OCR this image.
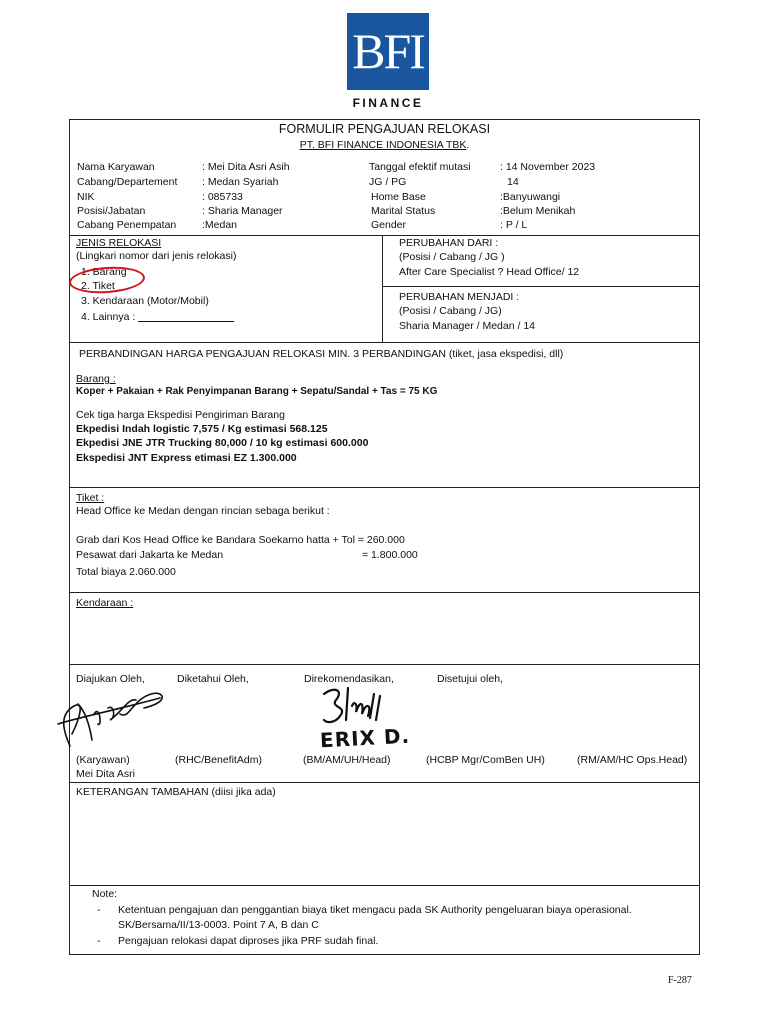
BFI
FINANCE
FORMULIR PENGAJUAN RELOKASI
PT. BFI FINANCE INDONESIA TBK.
Nama Karyawan	: Mei Dita Asri Asih
Cabang/Departement : Medan Syariah
NIK	: 085733
Posisi/Jabatan	: Sharia Manager
Cabang Penempatan :Medan
Tanggal efektif mutasi	: 14 November 2023
JG / PG	14
Home Base	:Banyuwangi
Marital Status	:Belum Menikah
Gender	: P / L
JENIS RELOKASI
(Lingkari nomor dari jenis relokasi)
1. Barang
2. Tiket
3. Kendaraan (Motor/Mobil)
4. Lainnya :
PERUBAHAN DARI :
(Posisi / Cabang / JG )
After Care Specialist ? Head Office/ 12
PERUBAHAN MENJADI :
(Posisi / Cabang / JG)
Sharia Manager / Medan / 14
PERBANDINGAN HARGA PENGAJUAN RELOKASI MIN. 3 PERBANDINGAN (tiket, jasa ekspedisi, dll)
Barang :
Koper + Pakaian + Rak Penyimpanan Barang + Sepatu/Sandal + Tas = 75 KG
Cek tiga harga Ekspedisi Pengiriman Barang
Ekpedisi Indah logistic 7,575 / Kg estimasi 568.125
Ekpedisi JNE JTR Trucking 80,000 / 10 kg estimasi 600.000
Ekspedisi JNT Express etimasi EZ 1.300.000
Tiket :
Head Office ke Medan dengan rincian sebaga berikut :
Grab dari Kos Head Office ke Bandara Soekarno hatta + Tol = 260.000
Pesawat dari Jakarta ke Medan	= 1.800.000
Total biaya 2.060.000
Kendaraan :
Diajukan Oleh,	Diketahui Oleh,	Direkomendasikan,	Disetujui oleh,
ERIX D.
(Karyawan)	(RHC/BenefitAdm)	(BM/AM/UH/Head)	(HCBP Mgr/ComBen UH)	(RM/AM/HC Ops.Head)
Mei Dita Asri
KETERANGAN TAMBAHAN (diisi jika ada)
Note:
- Ketentuan pengajuan dan penggantian biaya tiket mengacu pada SK Authority pengeluaran biaya operasional.
SK/Bersama/II/13-0003. Point 7 A, B dan C
- Pengajuan relokasi dapat diproses jika PRF sudah final.
F-287
